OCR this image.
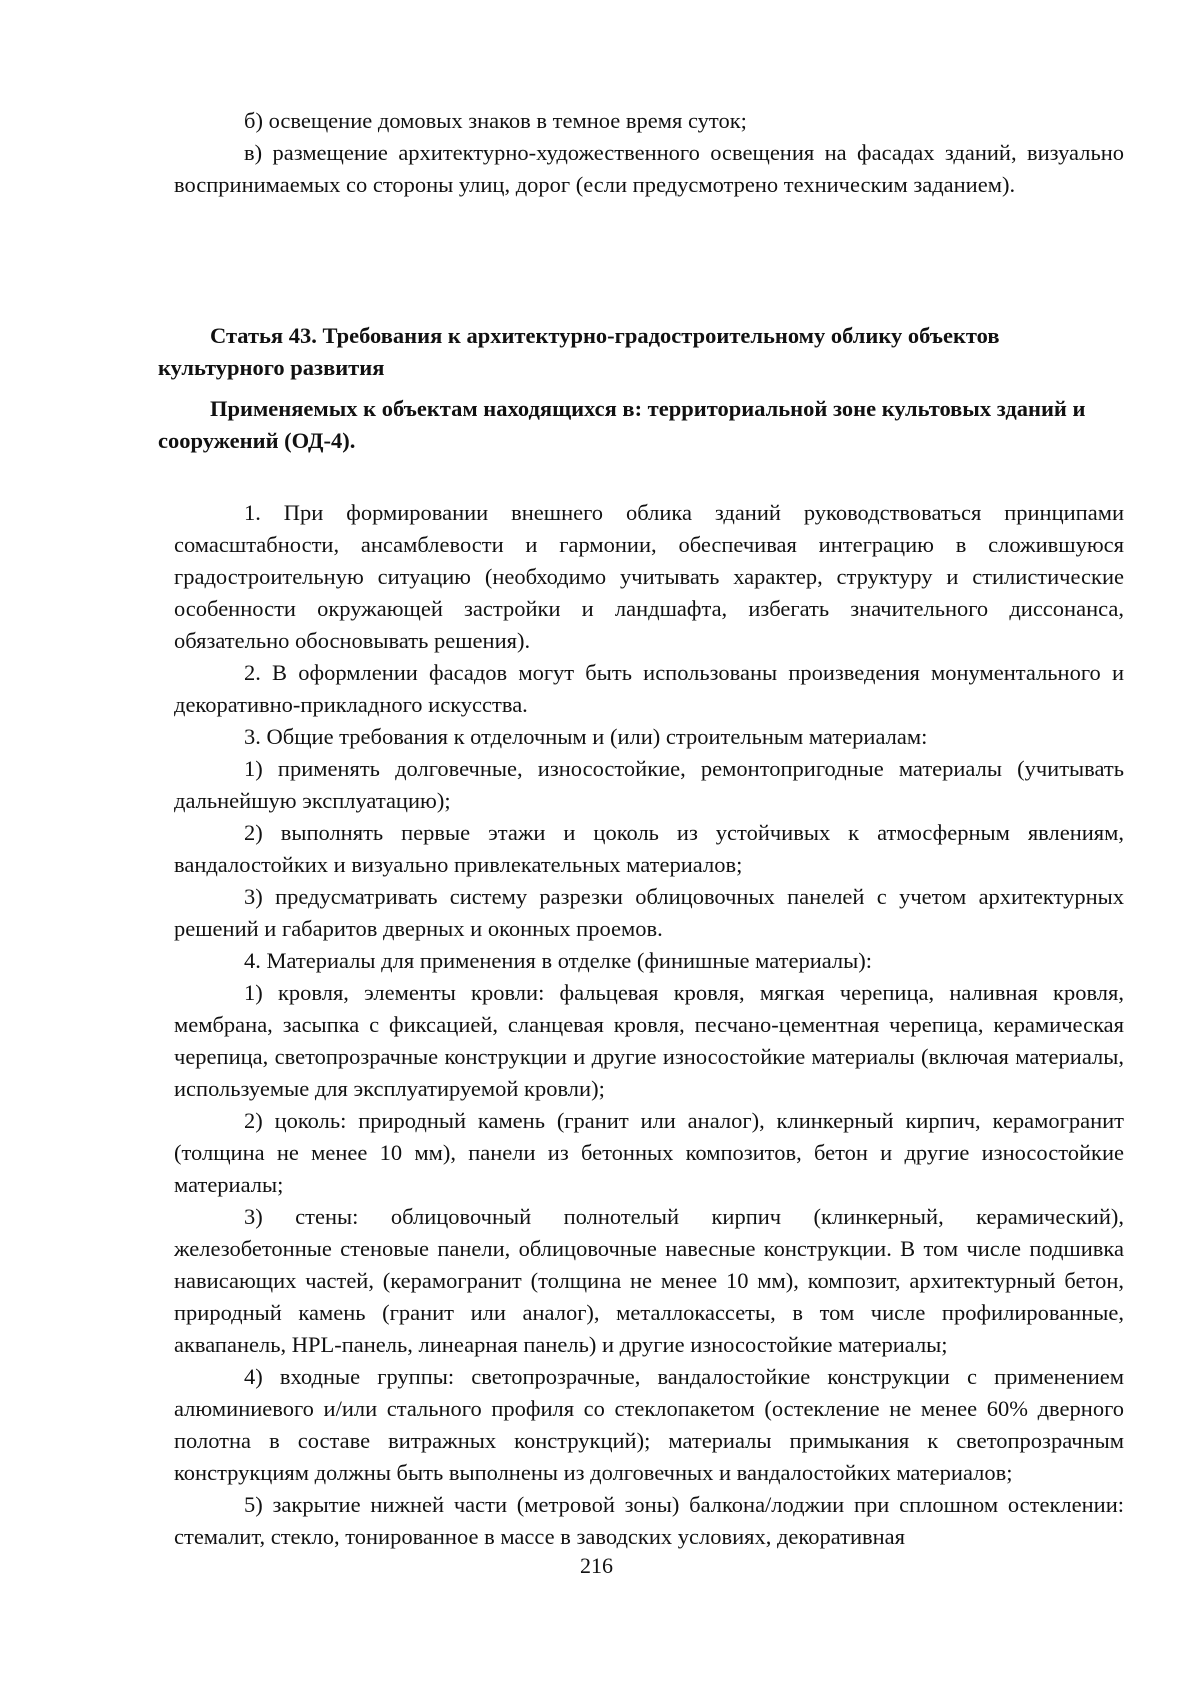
б) освещение домовых знаков в темное время суток;

в) размещение архитектурно-художественного освещения на фасадах зданий, визуально воспринимаемых со стороны улиц, дорог (если предусмотрено техническим заданием).

Статья 43. Требования к архитектурно-градостроительному облику объектов культурного развития
Применяемых к объектам находящихся в: территориальной зоне культовых зданий и сооружений (ОД-4).

1. При формировании внешнего облика зданий руководствоваться принципами сомасштабности, ансамблевости и гармонии, обеспечивая интеграцию в сложившуюся градостроительную ситуацию (необходимо учитывать характер, структуру и стилистические особенности окружающей застройки и ландшафта, избегать значительного диссонанса, обязательно обосновывать решения).

2. В оформлении фасадов могут быть использованы произведения монументального и декоративно-прикладного искусства.

3. Общие требования к отделочным и (или) строительным материалам:

1) применять долговечные, износостойкие, ремонтопригодные материалы (учитывать дальнейшую эксплуатацию);

2) выполнять первые этажи и цоколь из устойчивых к атмосферным явлениям, вандалостойких и визуально привлекательных материалов;

3) предусматривать систему разрезки облицовочных панелей с учетом архитектурных решений и габаритов дверных и оконных проемов.

4. Материалы для применения в отделке (финишные материалы):

1) кровля, элементы кровли: фальцевая кровля, мягкая черепица, наливная кровля, мембрана, засыпка с фиксацией, сланцевая кровля, песчано-цементная черепица, керамическая черепица, светопрозрачные конструкции и другие износостойкие материалы (включая материалы, используемые для эксплуатируемой кровли);

2) цоколь: природный камень (гранит или аналог), клинкерный кирпич, керамогранит (толщина не менее 10 мм), панели из бетонных композитов, бетон и другие износостойкие материалы;

3) стены: облицовочный полнотелый кирпич (клинкерный, керамический), железобетонные стеновые панели, облицовочные навесные конструкции. В том числе подшивка нависающих частей, (керамогранит (толщина не менее 10 мм), композит, архитектурный бетон, природный камень (гранит или аналог), металлокассеты, в том числе профилированные, аквапанель, HPL-панель, линеарная панель) и другие износостойкие материалы;

4) входные группы: светопрозрачные, вандалостойкие конструкции с применением алюминиевого и/или стального профиля со стеклопакетом (остекление не менее 60% дверного полотна в составе витражных конструкций); материалы примыкания к светопрозрачным конструкциям должны быть выполнены из долговечных и вандалостойких материалов;

5) закрытие нижней части (метровой зоны) балкона/лоджии при сплошном остеклении: стемалит, стекло, тонированное в массе в заводских условиях, декоративная

216
